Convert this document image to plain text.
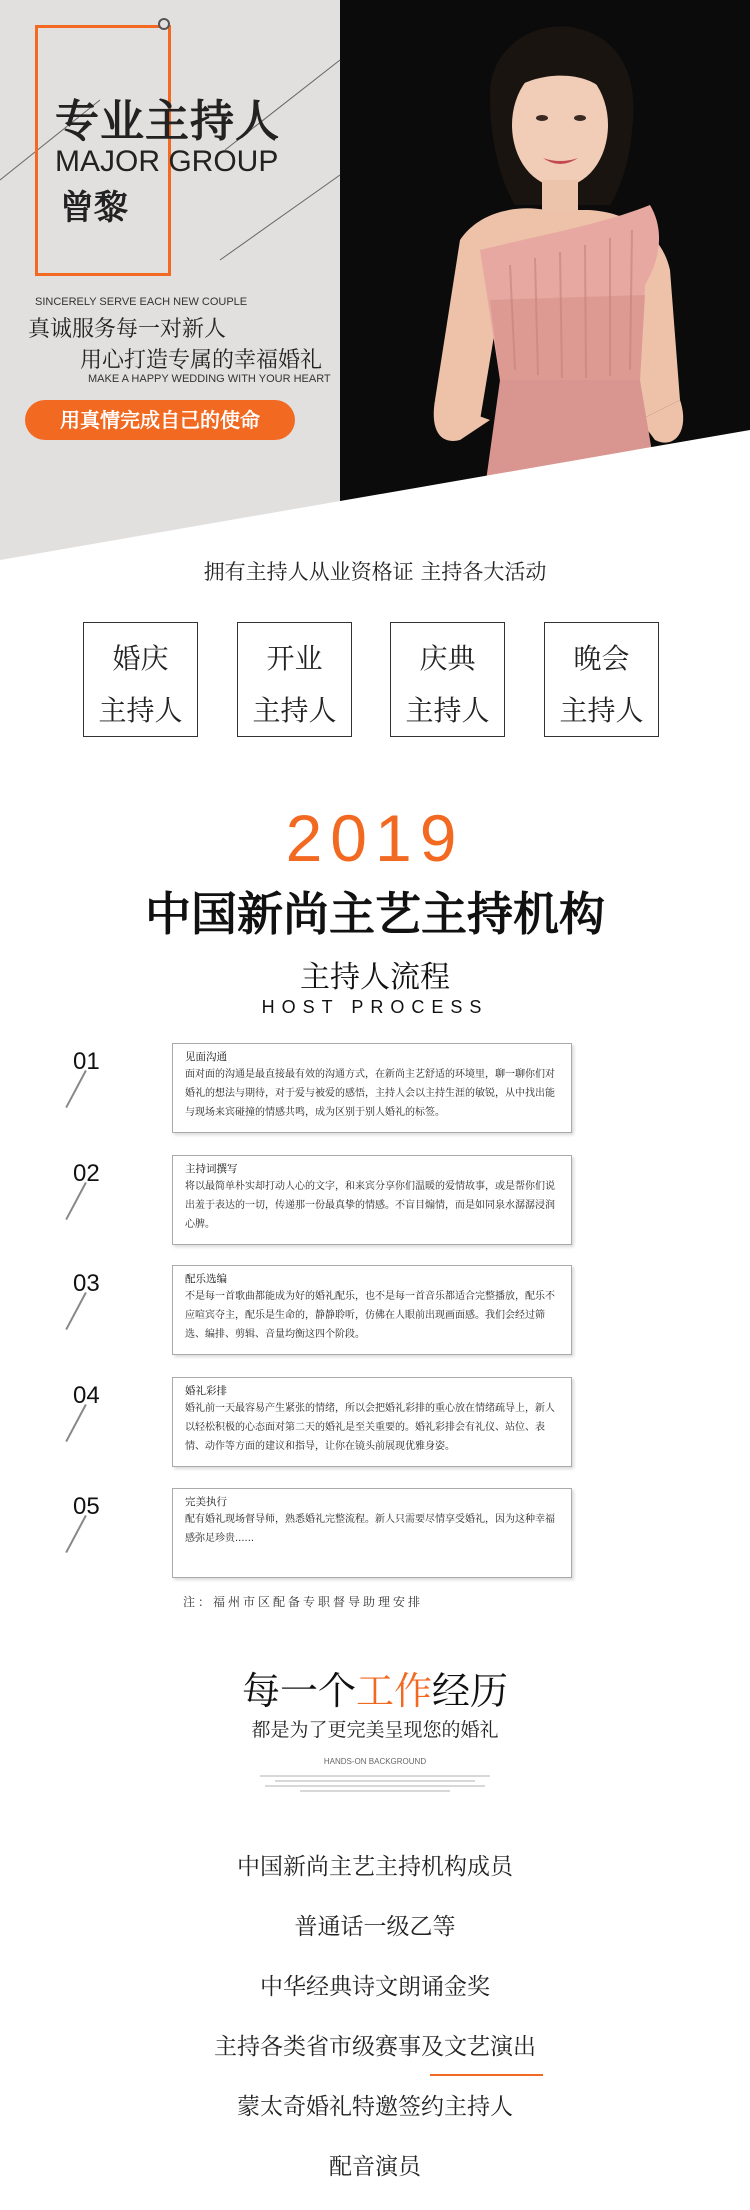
专业主持人
MAJOR GROUP
曾黎
SINCERELY SERVE EACH NEW COUPLE
真诚服务每一对新人
用心打造专属的幸福婚礼
MAKE A HAPPY WEDDING WITH YOUR HEART
用真情完成自己的使命
拥有主持人从业资格证 主持各大活动
婚庆
主持人
开业
主持人
庆典
主持人
晚会
主持人
2019
中国新尚主艺主持机构
主持人流程
HOST PROCESS
01	见面沟通
面对面的沟通是最直接最有效的沟通方式，在新尚主艺舒适的环境里，聊一聊你们对婚礼的想法与期待，对于爱与被爱的感悟，主持人会以主持生涯的敏锐，从中找出能与现场来宾碰撞的情感共鸣，成为区别于别人婚礼的标签。
02	主持词撰写
将以最简单朴实却打动人心的文字，和来宾分享你们温暖的爱情故事，或是帮你们说出羞于表达的一切，传递那一份最真挚的情感。不盲目煽情，而是如同泉水潺潺浸润心脾。
03	配乐选编
不是每一首歌曲都能成为好的婚礼配乐，也不是每一首音乐都适合完整播放，配乐不应喧宾夺主，配乐是生命的，静静聆听，仿佛在人眼前出现画面感。我们会经过筛选、编排、剪辑、音量均衡这四个阶段。
04	婚礼彩排
婚礼前一天最容易产生紧张的情绪，所以会把婚礼彩排的重心放在情绪疏导上，新人以轻松积极的心态面对第二天的婚礼是至关重要的。婚礼彩排会有礼仪、站位、表情、动作等方面的建议和指导，让你在镜头前展现优雅身姿。
05	完美执行
配有婚礼现场督导师，熟悉婚礼完整流程。新人只需要尽情享受婚礼，因为这种幸福感弥足珍贵......
注：福州市区配备专职督导助理安排
每一个工作经历
都是为了更完美呈现您的婚礼
HANDS-ON BACKGROUND
中国新尚主艺主持机构成员
普通话一级乙等
中华经典诗文朗诵金奖
主持各类省市级赛事及文艺演出
蒙太奇婚礼特邀签约主持人
配音演员
